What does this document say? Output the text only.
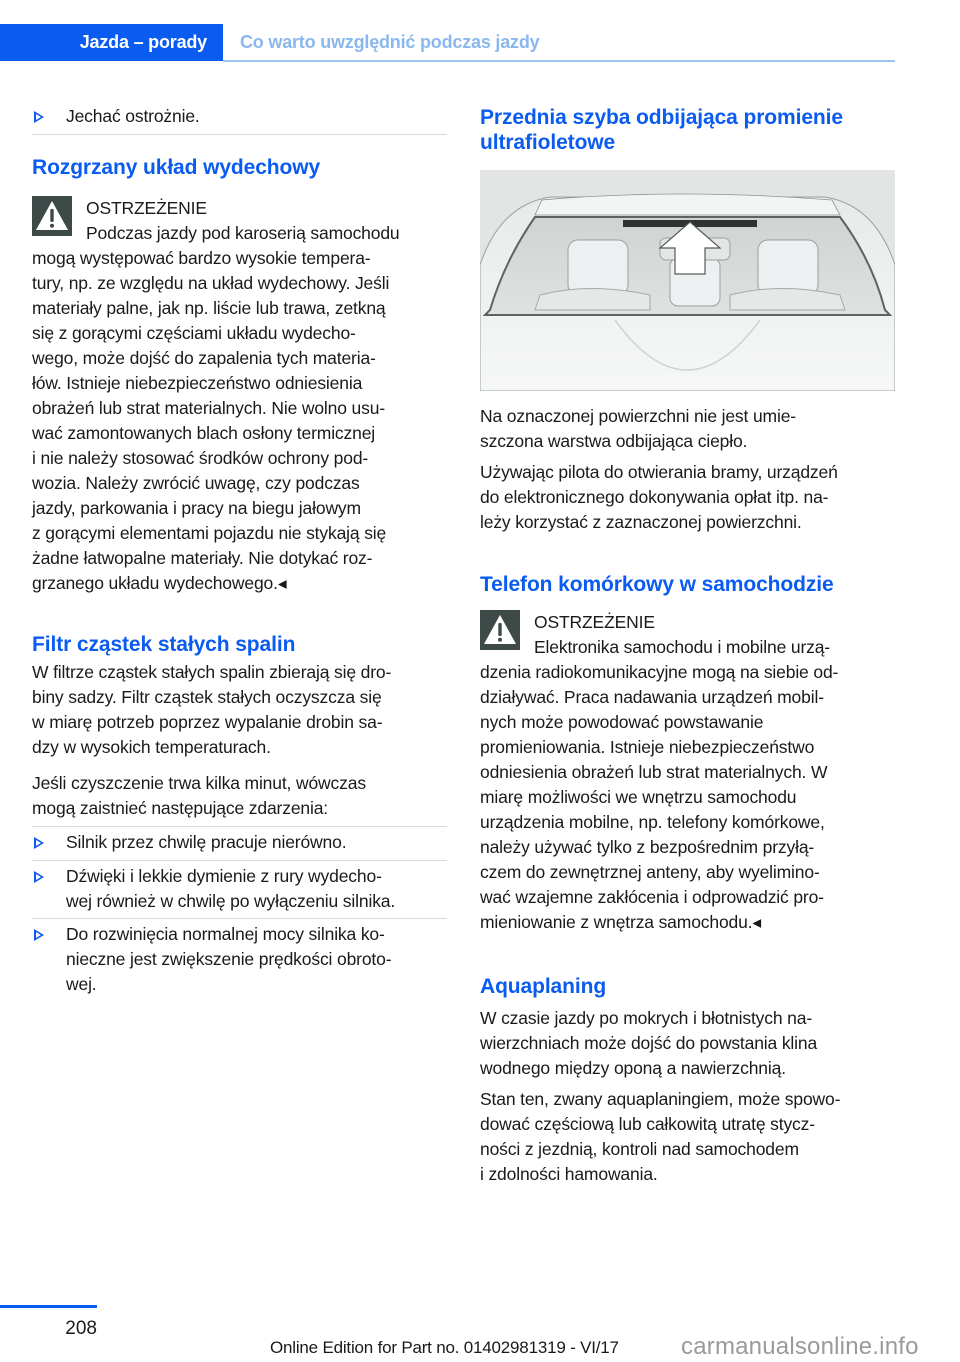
Jazda – porady	Co warto uwzględnić podczas jazdy
Jechać ostrożnie.
Rozgrzany układ wydechowy

OSTRZEŻENIE

Podczas jazdy pod karoserią samochodu

mogą występować bardzo wysokie tempera-

tury, np. ze względu na układ wydechowy. Jeśli

materiały palne, jak np. liście lub trawa, zetkną

się z gorącymi częściami układu wydecho-

wego, może dojść do zapalenia tych materia-

łów. Istnieje niebezpieczeństwo odniesienia

obrażeń lub strat materialnych. Nie wolno usu-

wać zamontowanych blach osłony termicznej

i nie należy stosować środków ochrony pod-

wozia. Należy zwrócić uwagę, czy podczas

jazdy, parkowania i pracy na biegu jałowym

z gorącymi elementami pojazdu nie stykają się

żadne łatwopalne materiały. Nie dotykać roz-

grzanego układu wydechowego.◂

Filtr cząstek stałych spalin

W filtrze cząstek stałych spalin zbierają się dro-

biny sadzy. Filtr cząstek stałych oczyszcza się

w miarę potrzeb poprzez wypalanie drobin sa-

dzy w wysokich temperaturach.

Jeśli czyszczenie trwa kilka minut, wówczas

mogą zaistnieć następujące zdarzenia:

Silnik przez chwilę pracuje nierówno.

Dźwięki i lekkie dymienie z rury wydecho-

wej również w chwilę po wyłączeniu silnika.

Do rozwinięcia normalnej mocy silnika ko-

nieczne jest zwiększenie prędkości obroto-

wej.

Przednia szyba odbijająca promienie
ultrafioletowe

Na oznaczonej powierzchni nie jest umie-

szczona warstwa odbijająca ciepło.

Używając pilota do otwierania bramy, urządzeń

do elektronicznego dokonywania opłat itp. na-

leży korzystać z zaznaczonej powierzchni.

Telefon komórkowy w samochodzie

OSTRZEŻENIE

Elektronika samochodu i mobilne urzą-

dzenia radiokomunikacyjne mogą na siebie od-

działywać. Praca nadawania urządzeń mobil-

nych może powodować powstawanie

promieniowania. Istnieje niebezpieczeństwo

odniesienia obrażeń lub strat materialnych. W

miarę możliwości we wnętrzu samochodu

urządzenia mobilne, np. telefony komórkowe,

należy używać tylko z bezpośrednim przyłą-

czem do zewnętrznej anteny, aby wyelimino-

wać wzajemne zakłócenia i odprowadzić pro-

mieniowanie z wnętrza samochodu.◂

Aquaplaning

W czasie jazdy po mokrych i błotnistych na-

wierzchniach może dojść do powstania klina

wodnego między oponą a nawierzchnią.

Stan ten, zwany aquaplaningiem, może spowo-

dować częściową lub całkowitą utratę stycz-

ności z jezdnią, kontroli nad samochodem

i zdolności hamowania.

208
Online Edition for Part no. 01402981319 - VI/17	carmanualsonline.info
